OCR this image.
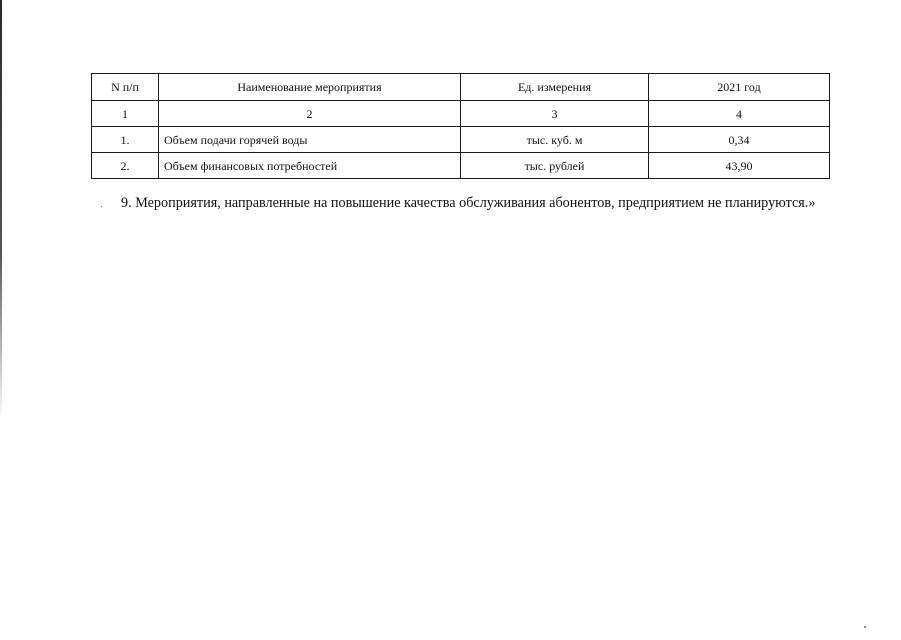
N п/п	Наименование мероприятия	Ед. измерения	2021 год
1	2	3	4
1.	Объем подачи горячей воды	тыс. куб. м	0,34
2.	Объем финансовых потребностей	тыс. рублей	43,90
9. Мероприятия, направленные на повышение качества обслуживания абонентов, предприятием не планируются.»
